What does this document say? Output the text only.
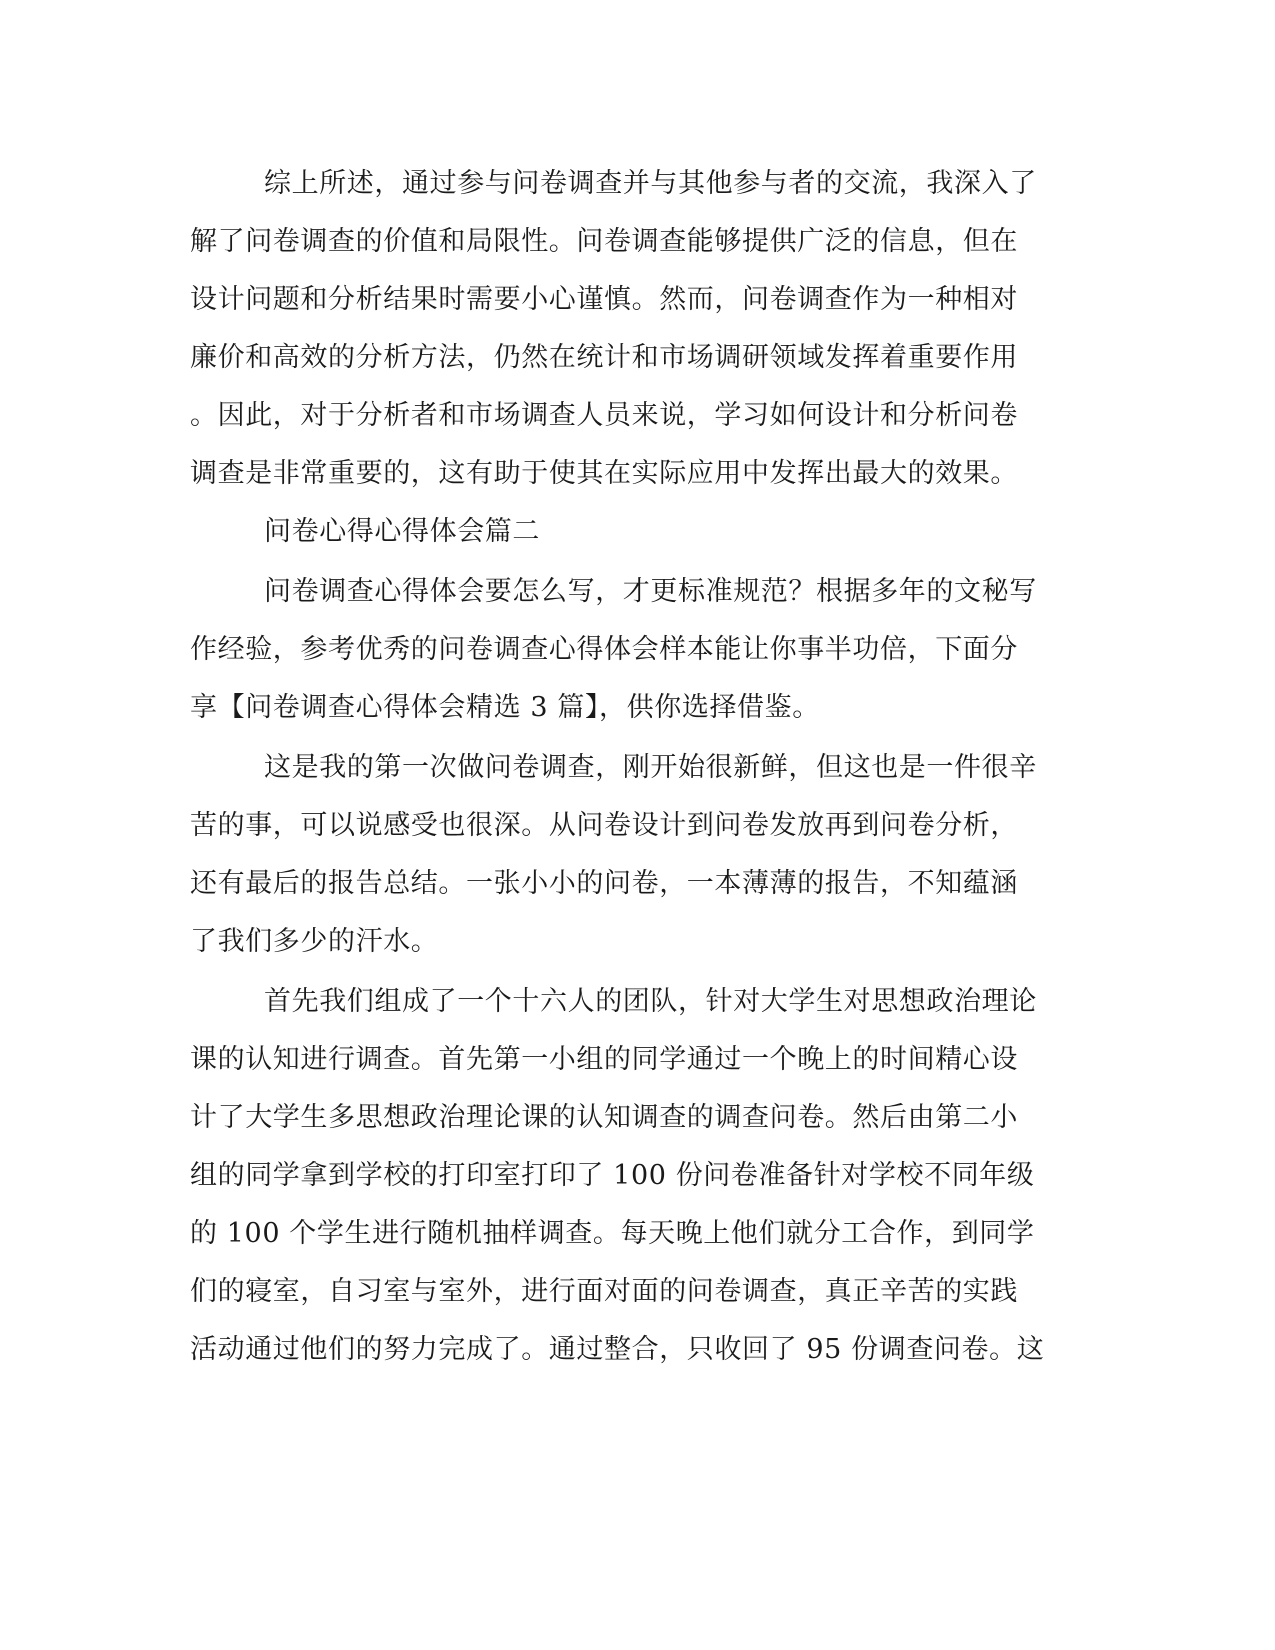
综上所述，通过参与问卷调查并与其他参与者的交流，我深入了
解了问卷调查的价值和局限性。问卷调查能够提供广泛的信息，但在
设计问题和分析结果时需要小心谨慎。然而，问卷调查作为一种相对
廉价和高效的分析方法，仍然在统计和市场调研领域发挥着重要作用
。因此，对于分析者和市场调查人员来说，学习如何设计和分析问卷
调查是非常重要的，这有助于使其在实际应用中发挥出最大的效果。
问卷心得心得体会篇二
问卷调查心得体会要怎么写，才更标准规范？根据多年的文秘写
作经验，参考优秀的问卷调查心得体会样本能让你事半功倍，下面分
享【问卷调查心得体会精选 3 篇】，供你选择借鉴。
这是我的第一次做问卷调查，刚开始很新鲜，但这也是一件很辛
苦的事，可以说感受也很深。从问卷设计到问卷发放再到问卷分析，
还有最后的报告总结。一张小小的问卷，一本薄薄的报告，不知蕴涵
了我们多少的汗水。
首先我们组成了一个十六人的团队，针对大学生对思想政治理论
课的认知进行调查。首先第一小组的同学通过一个晚上的时间精心设
计了大学生多思想政治理论课的认知调查的调查问卷。然后由第二小
组的同学拿到学校的打印室打印了 100 份问卷准备针对学校不同年级
的 100 个学生进行随机抽样调查。每天晚上他们就分工合作，到同学
们的寝室，自习室与室外，进行面对面的问卷调查，真正辛苦的实践
活动通过他们的努力完成了。通过整合，只收回了 95 份调查问卷。这
